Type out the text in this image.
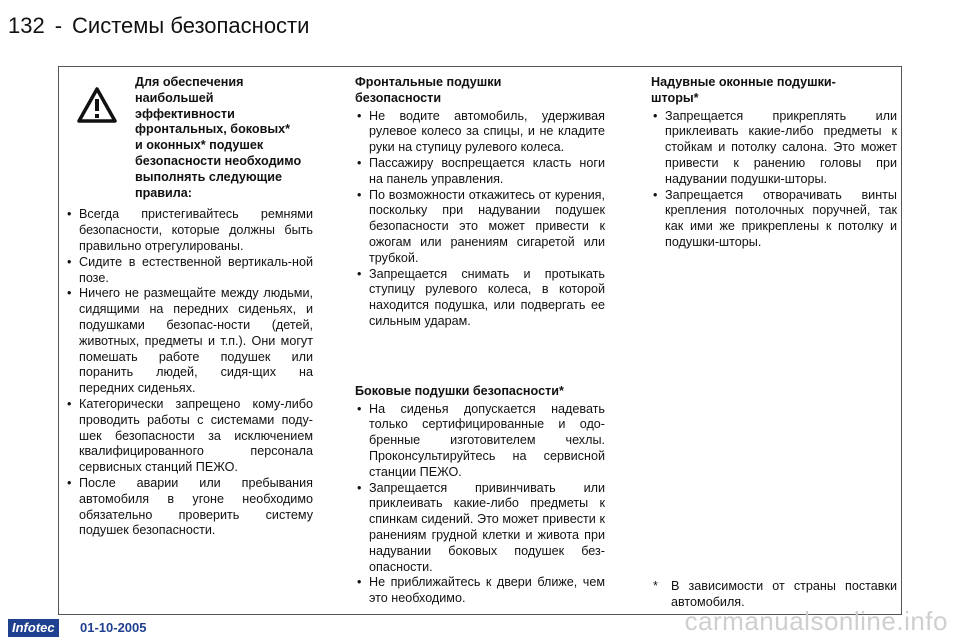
132 - Системы безопасности
Для обеспечения
наибольшей эффективности
фронтальных, боковых*
и оконных* подушек
безопасности необходимо
выполнять следующие
правила:
• Всегда пристегивайтесь ремнями безопасности, которые должны быть правильно отрегулированы.
• Сидите в естественной вертикаль-ной позе.
• Ничего не размещайте между людьми, сидящими на передних сиденьях, и подушками безопас-ности (детей, животных, предметы и т.п.). Они могут помешать работе подушек или поранить людей, сидя-щих на передних сиденьях.
• Категорически запрещено кому-либо проводить работы с системами поду-шек безопасности за исключением квалифицированного персонала сервисных станций ПЕЖО.
• После аварии или пребывания автомобиля в угоне необходимо обязательно проверить систему подушек безопасности.
Фронтальные подушки
безопасности
• Не водите автомобиль, удерживая рулевое колесо за спицы, и не кладите руки на ступицу рулевого колеса.
• Пассажиру воспрещается класть ноги на панель управления.
• По возможности откажитесь от курения, поскольку при надувании подушек безопасности это может привести к ожогам или ранениям сигаретой или трубкой.
• Запрещается снимать и протыкать ступицу рулевого колеса, в которой находится подушка, или подвергать ее сильным ударам.
Боковые подушки безопасности*
• На сиденья допускается надевать только сертифицированные и одо-бренные изготовителем чехлы. Проконсультируйтесь на сервисной станции ПЕЖО.
• Запрещается привинчивать или приклеивать какие-либо предметы к спинкам сидений. Это может привести к ранениям грудной клетки и живота при надувании боковых подушек без-опасности.
• Не приближайтесь к двери ближе, чем это необходимо.
Надувные оконные подушки-
шторы*
• Запрещается прикреплять или приклеивать какие-либо предметы к стойкам и потолку салона. Это может привести к ранению головы при надувании подушки-шторы.
• Запрещается отворачивать винты крепления потолочных поручней, так как ими же прикреплены к потолку и подушки-шторы.
*	В зависимости от страны поставки автомобиля.
Infotec	01-10-2005	carmanualsonline.info
